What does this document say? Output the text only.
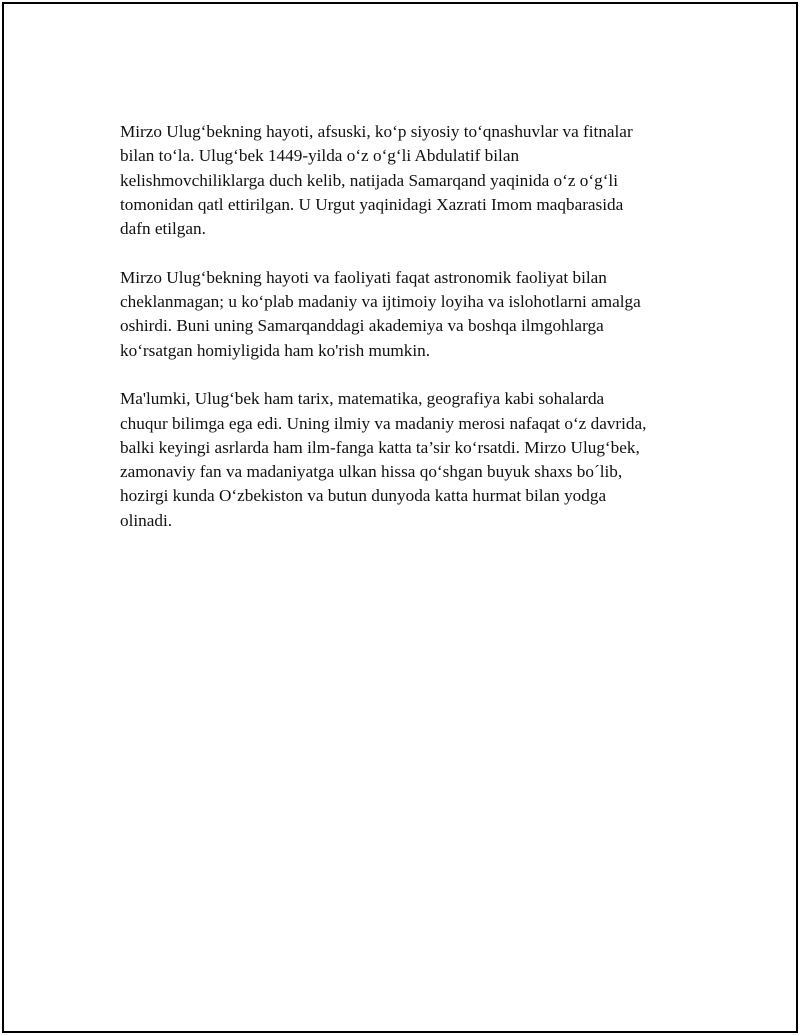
Mirzo Ulug‘bekning hayoti, afsuski, ko‘p siyosiy to‘qnashuvlar va fitnalar
bilan to‘la. Ulug‘bek 1449-yilda o‘z o‘g‘li Abdulatif bilan
kelishmovchiliklarga duch kelib, natijada Samarqand yaqinida o‘z o‘g‘li
tomonidan qatl ettirilgan. U Urgut yaqinidagi Xazrati Imom maqbarasida
dafn etilgan.

Mirzo Ulug‘bekning hayoti va faoliyati faqat astronomik faoliyat bilan
cheklanmagan; u ko‘plab madaniy va ijtimoiy loyiha va islohotlarni amalga
oshirdi. Buni uning Samarqanddagi akademiya va boshqa ilmgohlarga
ko‘rsatgan homiyligida ham ko'rish mumkin.

Ma'lumki, Ulug‘bek ham tarix, matematika, geografiya kabi sohalarda
chuqur bilimga ega edi. Uning ilmiy va madaniy merosi nafaqat o‘z davrida,
balki keyingi asrlarda ham ilm-fanga katta ta’sir ko‘rsatdi. Mirzo Ulug‘bek,
zamonaviy fan va madaniyatga ulkan hissa qo‘shgan buyuk shaxs bo´lib,
hozirgi kunda O‘zbekiston va butun dunyoda katta hurmat bilan yodga
olinadi.
